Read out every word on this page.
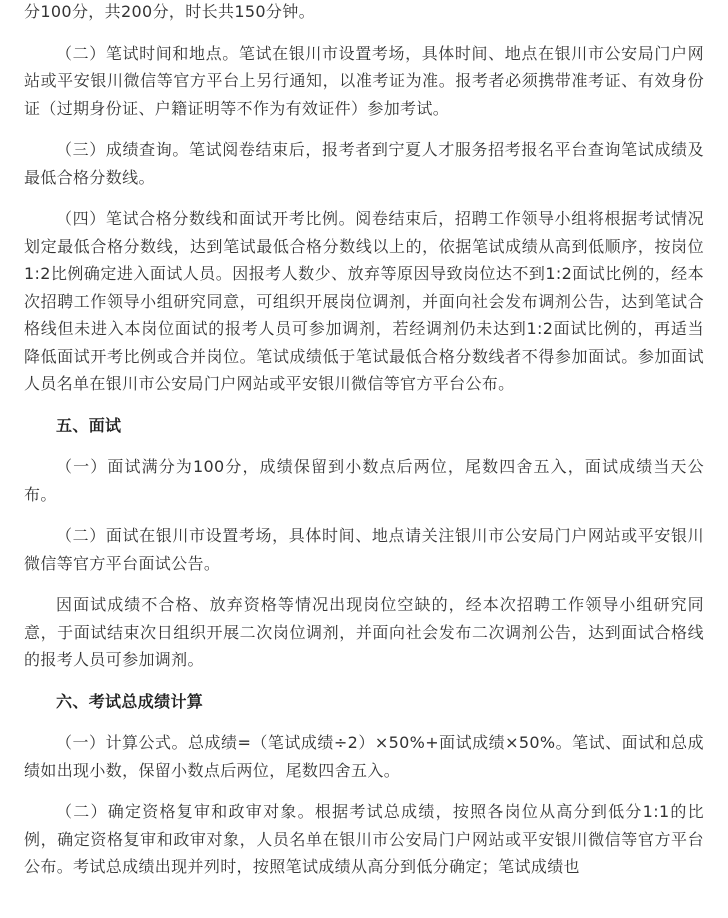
分100分，共200分，时长共150分钟。

（二）笔试时间和地点。笔试在银川市设置考场，具体时间、地点在银川市公安局门户网站或平安银川微信等官方平台上另行通知，以准考证为准。报考者必须携带准考证、有效身份证（过期身份证、户籍证明等不作为有效证件）参加考试。

（三）成绩查询。笔试阅卷结束后，报考者到宁夏人才服务招考报名平台查询笔试成绩及最低合格分数线。

（四）笔试合格分数线和面试开考比例。阅卷结束后，招聘工作领导小组将根据考试情况划定最低合格分数线，达到笔试最低合格分数线以上的，依据笔试成绩从高到低顺序，按岗位1:2比例确定进入面试人员。因报考人数少、放弃等原因导致岗位达不到1:2面试比例的，经本次招聘工作领导小组研究同意，可组织开展岗位调剂，并面向社会发布调剂公告，达到笔试合格线但未进入本岗位面试的报考人员可参加调剂，若经调剂仍未达到1:2面试比例的，再适当降低面试开考比例或合并岗位。笔试成绩低于笔试最低合格分数线者不得参加面试。参加面试人员名单在银川市公安局门户网站或平安银川微信等官方平台公布。

五、面试

（一）面试满分为100分，成绩保留到小数点后两位，尾数四舍五入，面试成绩当天公布。

（二）面试在银川市设置考场，具体时间、地点请关注银川市公安局门户网站或平安银川微信等官方平台面试公告。

因面试成绩不合格、放弃资格等情况出现岗位空缺的，经本次招聘工作领导小组研究同意，于面试结束次日组织开展二次岗位调剂，并面向社会发布二次调剂公告，达到面试合格线的报考人员可参加调剂。

六、考试总成绩计算

（一）计算公式。总成绩=（笔试成绩÷2）×50%+面试成绩×50%。笔试、面试和总成绩如出现小数，保留小数点后两位，尾数四舍五入。

（二）确定资格复审和政审对象。根据考试总成绩，按照各岗位从高分到低分1:1的比例，确定资格复审和政审对象，人员名单在银川市公安局门户网站或平安银川微信等官方平台公布。考试总成绩出现并列时，按照笔试成绩从高分到低分确定；笔试成绩也
